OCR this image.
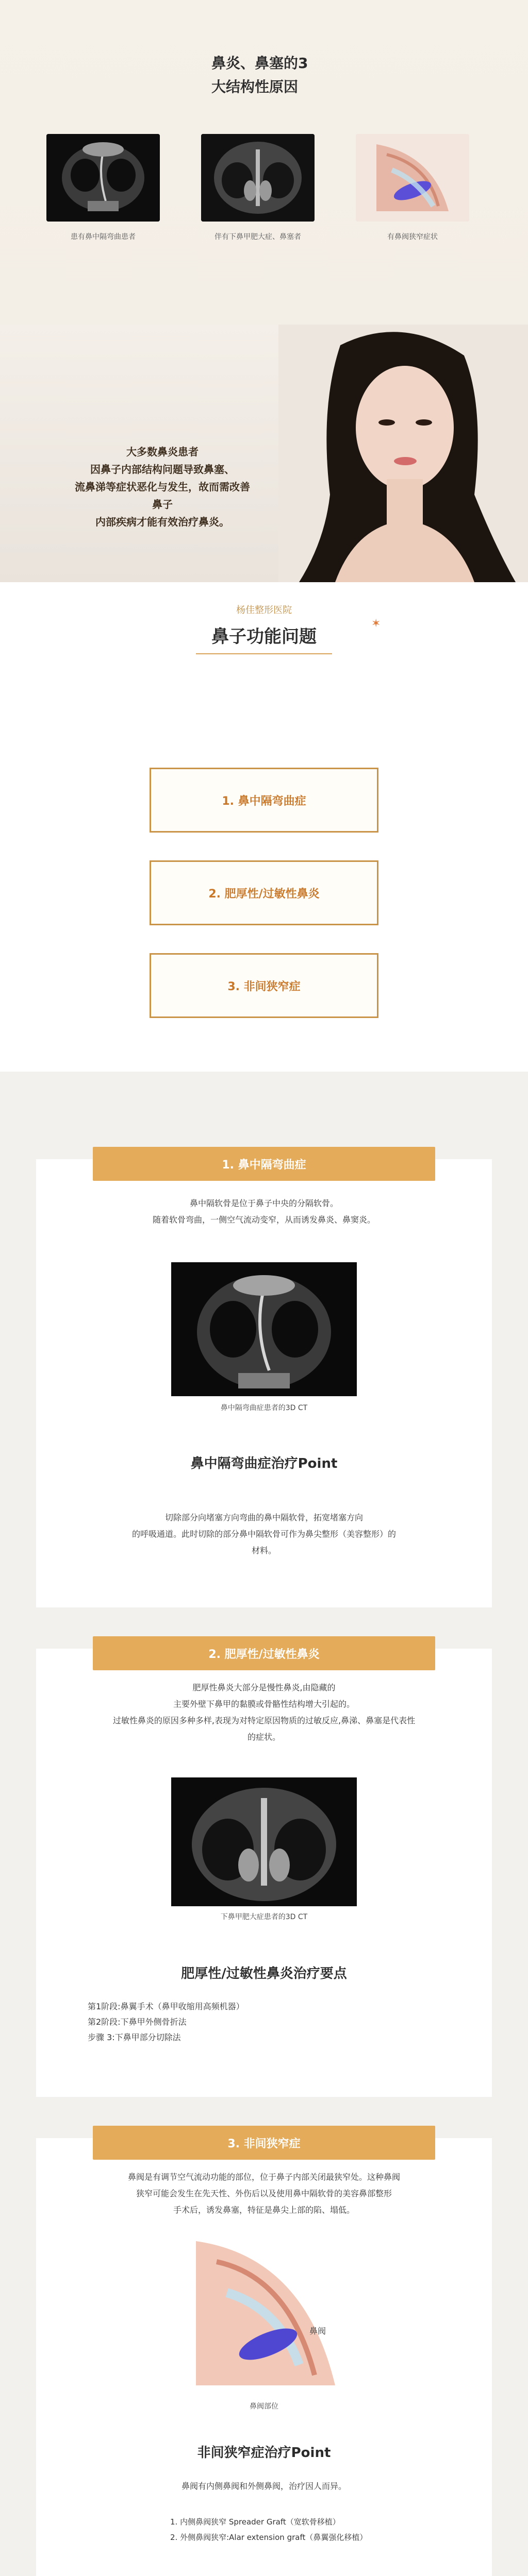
鼻炎、鼻塞的3
大结构性原因
患有鼻中隔弯曲患者	伴有下鼻甲肥大症、鼻塞者	有鼻阀狭窄症状
大多数鼻炎患者
因鼻子内部结构问题导致鼻塞、
流鼻涕等症状恶化与发生，故而需改善鼻子
内部疾病才能有效治疗鼻炎。
杨佳整形医院
鼻子功能问题
✶
1. 鼻中隔弯曲症
2. 肥厚性/过敏性鼻炎
3. 非间狭窄症
1. 鼻中隔弯曲症
鼻中隔软骨是位于鼻子中央的分隔软骨。
随着软骨弯曲，一侧空气流动变窄，从而诱发鼻炎、鼻窦炎。
鼻中隔弯曲症患者的3D CT
鼻中隔弯曲症治疗Point
切除部分向堵塞方向弯曲的鼻中隔软骨，拓宽堵塞方向
的呼吸通道。此时切除的部分鼻中隔软骨可作为鼻尖整形（美容整形）的
材料。
2. 肥厚性/过敏性鼻炎
肥厚性鼻炎大部分是慢性鼻炎,由隐藏的
主要外壁下鼻甲的黏膜或骨骼性结构增大引起的。
过敏性鼻炎的原因多种多样,表现为对特定原因物质的过敏反应,鼻涕、鼻塞是代表性
的症状。
下鼻甲肥大症患者的3D CT
肥厚性/过敏性鼻炎治疗要点
第1阶段:鼻翼手术（鼻甲收缩用高频机器）
第2阶段:下鼻甲外侧骨折法
步骤 3:下鼻甲部分切除法
3. 非间狭窄症
鼻阀是有调节空气流动功能的部位，位于鼻子内部关闭最狭窄处。这种鼻阀
狭窄可能会发生在先天性、外伤后以及使用鼻中隔软骨的美容鼻部整形
手术后，诱发鼻塞，特征是鼻尖上部的陷、塌低。
鼻阀
鼻阀部位
非间狭窄症治疗Point
鼻阀有内侧鼻阀和外侧鼻阀，治疗因人而异。
1. 内侧鼻阀狭窄 Spreader Graft（宽软骨移植）
2. 外侧鼻阀狭窄:Alar extension graft（鼻翼强化移植）
